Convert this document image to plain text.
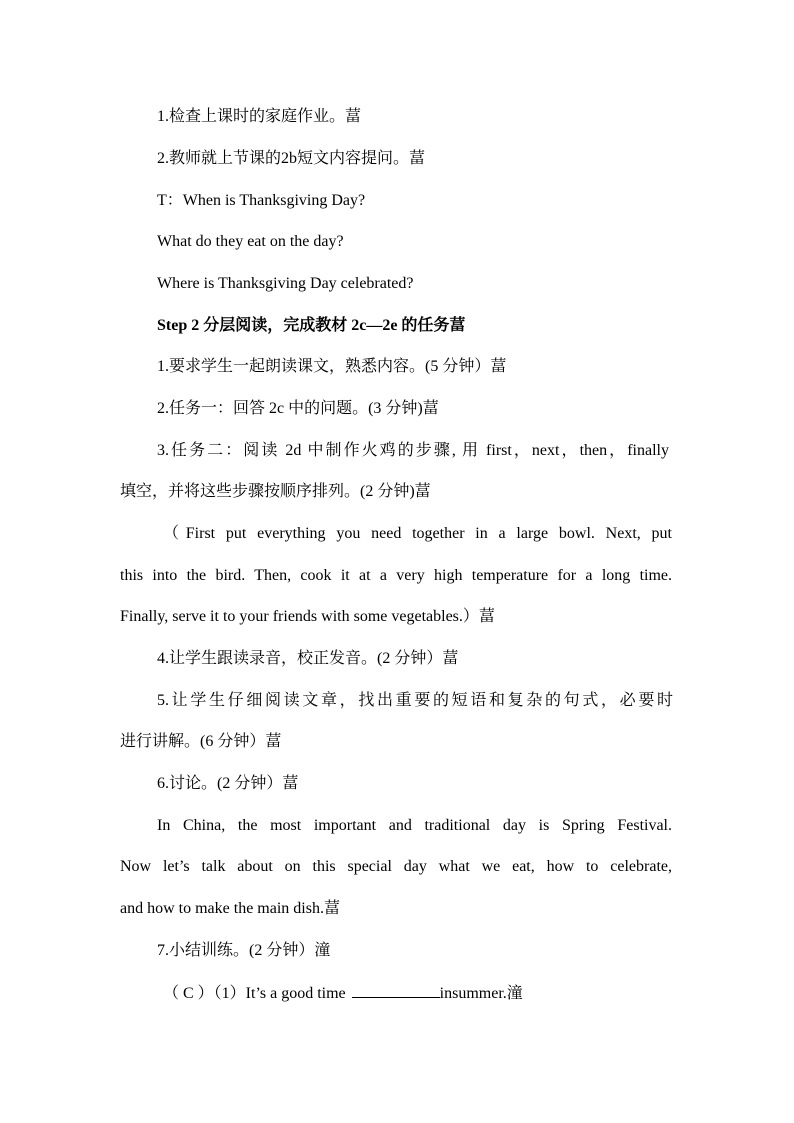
1.检查上课时的家庭作业。葍
2.教师就上节课的2b短文内容提问。葍
T：When is Thanksgiving Day?
What do they eat on the day?
Where is Thanksgiving Day celebrated?
Step 2 分层阅读，完成教材 2c—2e 的任务葍
1.要求学生一起朗读课文，熟悉内容。(5 分钟）葍
2.任务一：回答 2c 中的问题。(3 分钟)葍
3.任务二：阅读 2d 中制作火鸡的步骤, 用 first，next，then，finally
填空，并将这些步骤按顺序排列。(2 分钟)葍
（First put everything you need together in a large bowl. Next, put
this into the bird. Then, cook it at a very high temperature for a long time.
Finally, serve it to your friends with some vegetables.）葍
4.让学生跟读录音，校正发音。(2 分钟）葍
5.让学生仔细阅读文章，找出重要的短语和复杂的句式，必要时
进行讲解。(6 分钟）葍
6.讨论。(2 分钟）葍
In China, the most important and traditional day is Spring Festival.
Now let’s talk about on this special day what we eat, how to celebrate,
and how to make the main dish.葍
7.小结训练。(2 分钟）潼
（ C ）（1）It’s a good time	insummer.潼
